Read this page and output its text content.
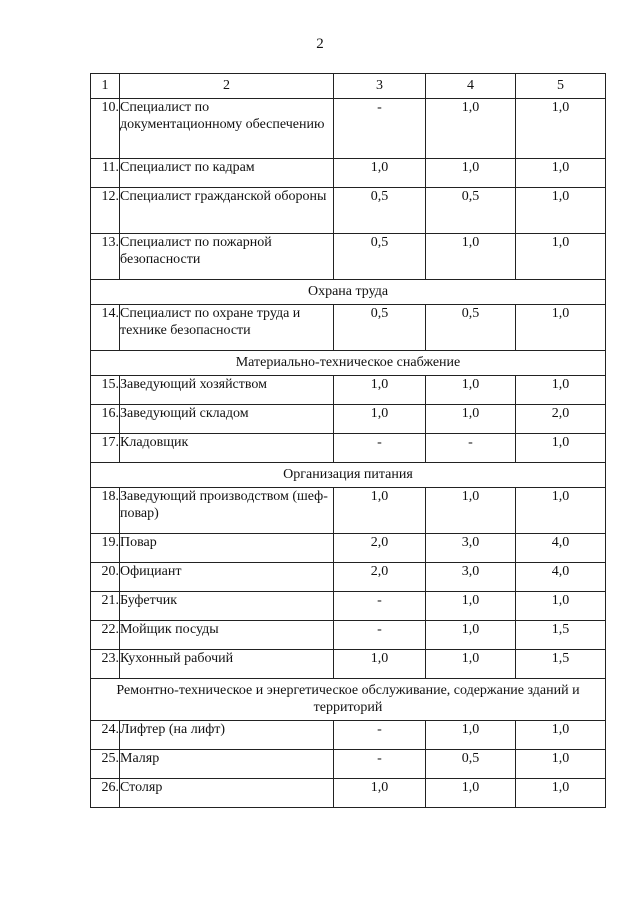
2
1	2	3	4	5
10.	Специалист по документационному обеспечению	-	1,0	1,0
11.	Специалист по кадрам	1,0	1,0	1,0
12.	Специалист гражданской обороны	0,5	0,5	1,0
13.	Специалист по пожарной безопасности	0,5	1,0	1,0
Охрана труда				
14.	Специалист по охране труда и технике безопасности	0,5	0,5	1,0
Материально-техническое снабжение				
15.	Заведующий хозяйством	1,0	1,0	1,0
16.	Заведующий складом	1,0	1,0	2,0
17.	Кладовщик	-	-	1,0
Организация питания				
18.	Заведующий производством (шеф-повар)	1,0	1,0	1,0
19.	Повар	2,0	3,0	4,0
20.	Официант	2,0	3,0	4,0
21.	Буфетчик	-	1,0	1,0
22.	Мойщик посуды	-	1,0	1,5
23.	Кухонный рабочий	1,0	1,0	1,5
Ремонтно-техническое и энергетическое обслуживание, содержание зданий и территорий				
24.	Лифтер (на лифт)	-	1,0	1,0
25.	Маляр	-	0,5	1,0
26.	Столяр	1,0	1,0	1,0
